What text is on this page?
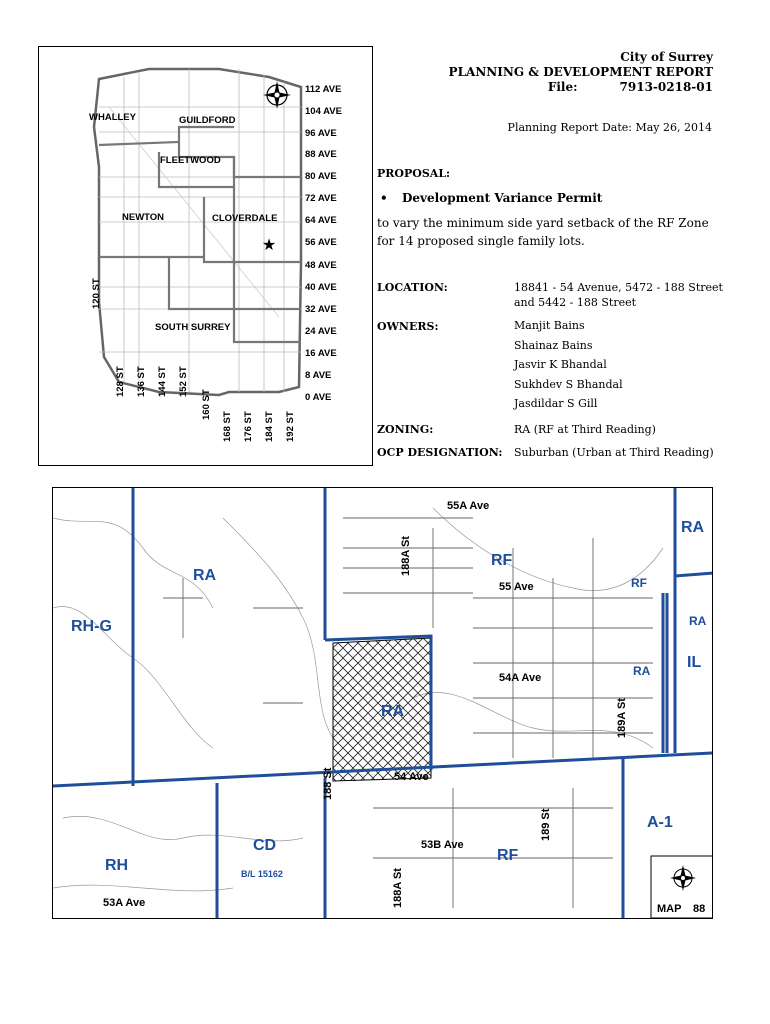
★
WHALLEY	GUILDFORD
FLEETWOOD
NEWTON	CLOVERDALE
SOUTH SURREY
112 AVE
104 AVE
96 AVE
88 AVE
80 AVE
72 AVE
64 AVE
56 AVE
48 AVE
40 AVE
32 AVE
24 AVE
16 AVE
8 AVE
0 AVE
120 ST
128 ST 136 ST 144 ST 152 ST
160 ST
168 ST 176 ST 184 ST 192 ST
City of Surrey
PLANNING & DEVELOPMENT REPORT
File:	7913-0218-01
Planning Report Date: May 26, 2014
PROPOSAL:
• Development Variance Permit
to vary the minimum side yard setback of the RF Zone for 14 proposed single family lots.
LOCATION:	18841 - 54 Avenue, 5472 - 188 Street
and 5442 - 188 Street
OWNERS:	Manjit Bains
Shainaz Bains
Jasvir K Bhandal
Sukhdev S Bhandal
Jasdildar S Gill
ZONING:	RA (RF at Third Reading)
OCP DESIGNATION: Suburban (Urban at Third Reading)
MAP 88
RA
RA
RH-G
RF
RF
RA
RA IL
RA
A-1
CD
RH
RF
B/L 15162
55A Ave
55 Ave
54A Ave
54 Ave
53B Ave
53A Ave
188 St
188A St
188A St
189 St
189A St
